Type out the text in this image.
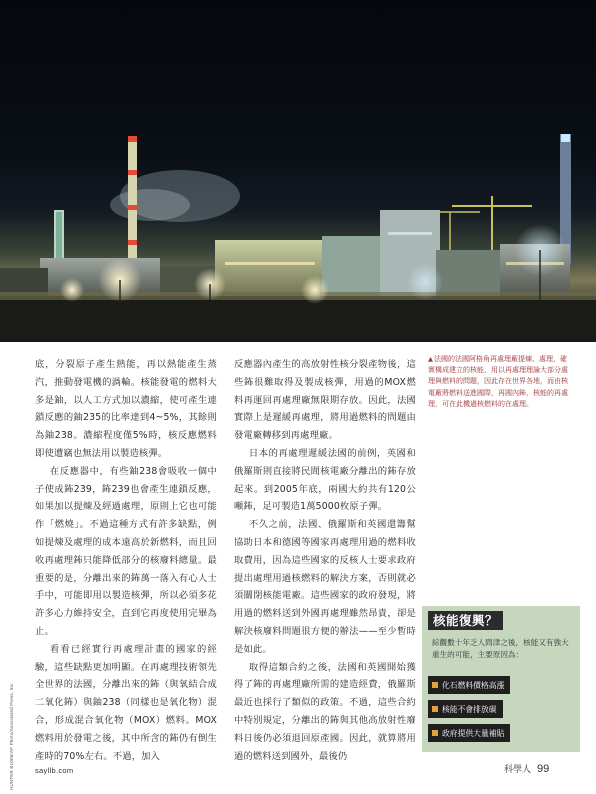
HUNTER B1006/AP Photo/Associated Press, Inc.

底，分裂原子產生熱能，再以熱能產生蒸汽，推動發電機的渦輪。核能發電的燃料大多是鈾，以人工方式加以濃縮，使可產生連鎖反應的鈾235的比率達到4~5%，其餘則為鈾238。濃縮程度僅5%時，核反應燃料即使遭竊也無法用以製造核彈。

在反應器中，有些鈾238會吸收一個中子使成鈽239，鈽239也會產生連鎖反應，如果加以提煉及經過處理，原則上它也可能作「燃燒」。不過這種方式有許多缺點，例如提煉及處理的成本遠高於新燃料，而且回收再處理鈽只能降低部分的核廢料總量。最重要的是，分離出來的鈽萬一落入有心人士手中，可能即用以製造核彈，所以必須多花許多心力維持安全，直到它再度使用完畢為止。

看看已經實行再處理計畫的國家的經驗，這些缺點更加明顯。在再處理技術領先全世界的法國，分離出來的鈽（與氧結合成二氧化鈽）與鈾238（同樣也是氧化物）混合，形成混合氧化物（MOX）燃料。MOX燃料用於發電之後，其中所含的鈽仍有倒生產時的70%左右。不過，加入

反應器內產生的高放射性核分裂產物後，這些鈽很難取得及製成核彈，用過的MOX燃料再運回再處理廠無限期存放。因此，法國實際上是遲緩再處理，將用過燃料的問題由發電廠轉移到再處理廠。

日本的再處理遲緩法國的前例，英國和俄羅斯則直接將民間核電廠分離出的鈽存放起來。到2005年底，兩國大約共有120公噸鈽，足可製造1萬5000枚原子彈。

不久之前，法國、俄羅斯和英國還籌幫協助日本和德國等國家再處理用過的燃料收取費用，因為這些國家的反核人士要求政府提出處理用過核燃料的解決方案，否則就必須關閉核能電廠。這些國家的政府發現，將用過的燃料送到外國再處理雖然昂貴，卻是解決核廢料問題很方便的辦法——至少暫時是如此。

取得這類合約之後，法國和英國開始獲得了鈽的再處理廠所需的建造經費，俄羅斯最近也採行了類似的政策。不過，這些合約中特別規定，分離出的鈽與其他高放射性廢料日後仍必須退回原產國。因此，就算將用過的燃料送到國外，最後仍

▲法國的法國阿格角再處理廠提煉、處理，確實構成建立的核能，用以再處理理論大部分處理與燃料的問題，因此存在世界各地，而由核電廠將燃料送進國際，再國內鈽，核能的再處理，可在此機過核燃料的在處理。
核能復興？
綜觀數十年乏人問津之後，核能又有強大重生的可能，主要原因為：
化石燃料價格高漲
核能不會排放碳
政府提供大量補貼
sayllb.com	科學人 99
